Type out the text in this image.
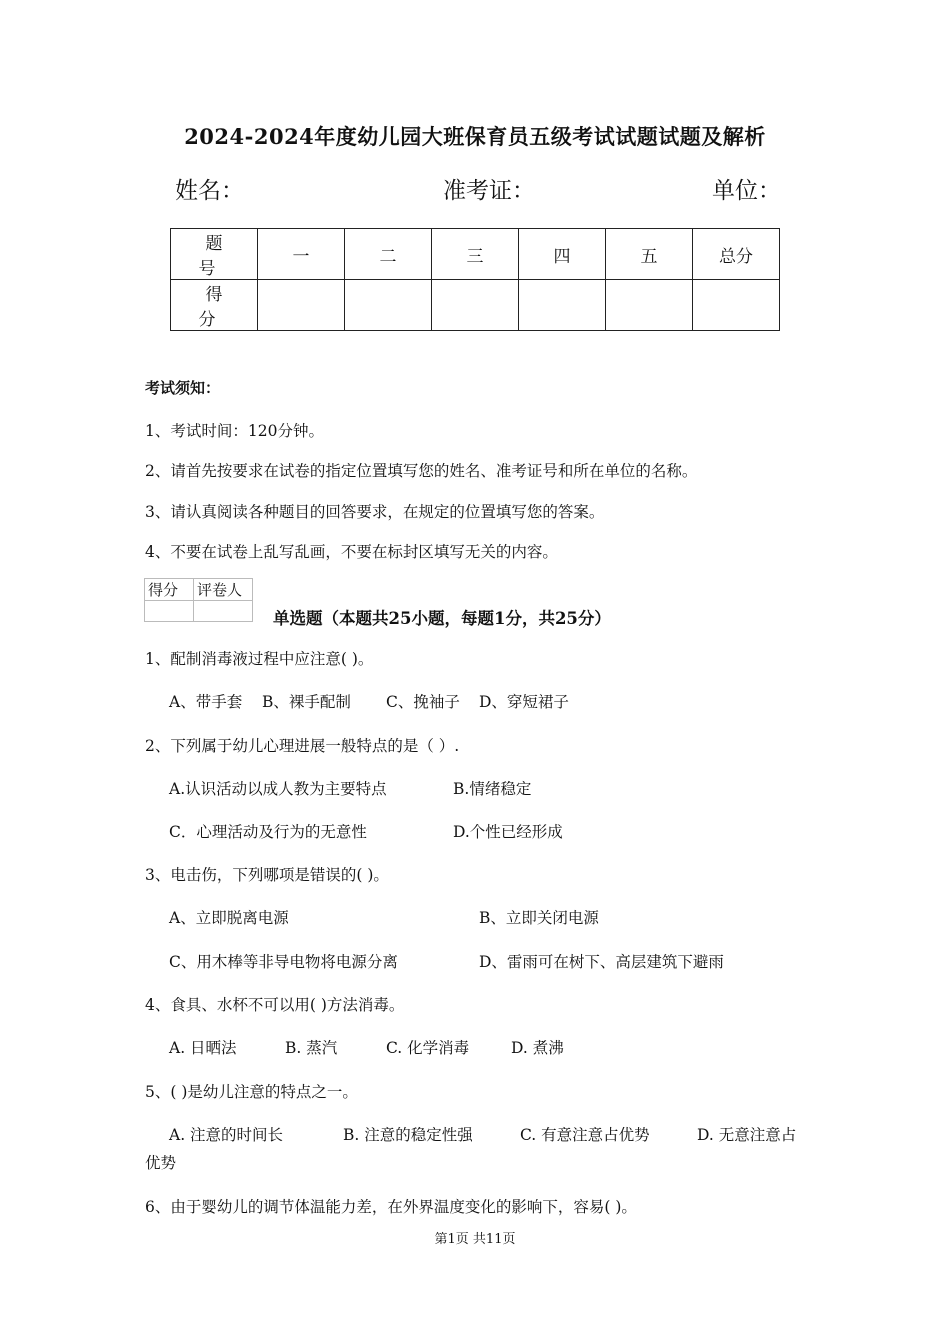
2024-2024年度幼儿园大班保育员五级考试试题试题及解析
姓名：	准考证：	单位：
题 号	一	二	三	四	五	总分
得 分						
考试须知：
1、考试时间：120分钟。
2、请首先按要求在试卷的指定位置填写您的姓名、准考证号和所在单位的名称。
3、请认真阅读各种题目的回答要求，在规定的位置填写您的答案。
4、不要在试卷上乱写乱画，不要在标封区填写无关的内容。
得分	评卷人

单选题（本题共25小题，每题1分，共25分）
1、配制消毒液过程中应注意( )。
A、带手套 B、裸手配制 C、挽袖子 D、穿短裙子
2、下列属于幼儿心理进展一般特点的是（ ）.
A.认识活动以成人教为主要特点	B.情绪稳定
C．心理活动及行为的无意性	D.个性已经形成
3、电击伤，下列哪项是错误的( )。
A、立即脱离电源	B、立即关闭电源
C、用木棒等非导电物将电源分离	D、雷雨可在树下、高层建筑下避雨
4、食具、水杯不可以用( )方法消毒。
A. 日晒法	B. 蒸汽	C. 化学消毒	D. 煮沸
5、( )是幼儿注意的特点之一。
A. 注意的时间长	B. 注意的稳定性强	C. 有意注意占优势	D. 无意注意占
优势
6、由于婴幼儿的调节体温能力差，在外界温度变化的影响下，容易( )。
第1页 共11页
